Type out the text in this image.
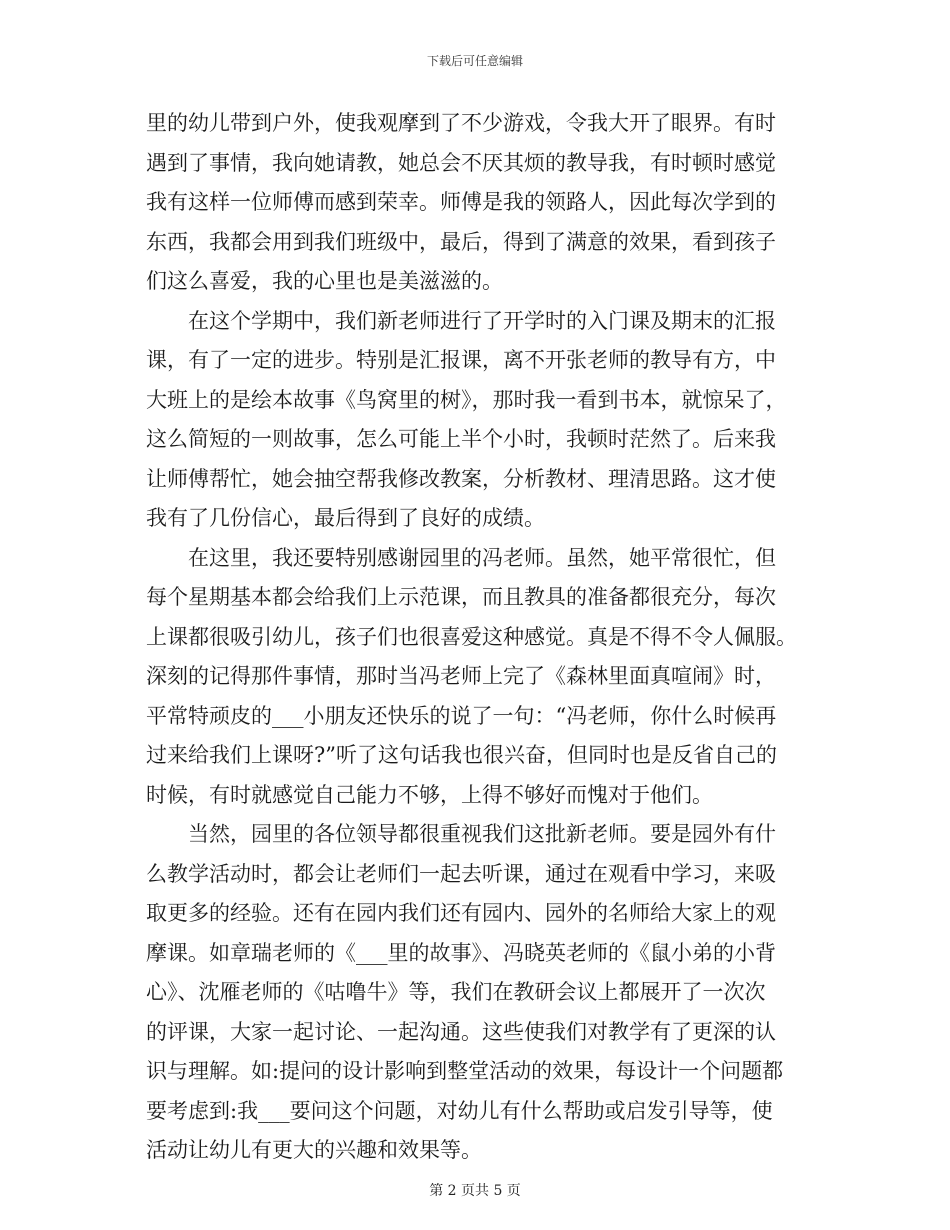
下载后可任意编辑
里的幼儿带到户外，使我观摩到了不少游戏，令我大开了眼界。有时
遇到了事情，我向她请教，她总会不厌其烦的教导我，有时顿时感觉
我有这样一位师傅而感到荣幸。师傅是我的领路人，因此每次学到的
东西，我都会用到我们班级中，最后，得到了满意的效果，看到孩子
们这么喜爱，我的心里也是美滋滋的。
在这个学期中，我们新老师进行了开学时的入门课及期末的汇报
课，有了一定的进步。特别是汇报课，离不开张老师的教导有方，中
大班上的是绘本故事《鸟窝里的树》，那时我一看到书本，就惊呆了，
这么简短的一则故事，怎么可能上半个小时，我顿时茫然了。后来我
让师傅帮忙，她会抽空帮我修改教案，分析教材、理清思路。这才使
我有了几份信心，最后得到了良好的成绩。
在这里，我还要特别感谢园里的冯老师。虽然，她平常很忙，但
每个星期基本都会给我们上示范课，而且教具的准备都很充分，每次
上课都很吸引幼儿，孩子们也很喜爱这种感觉。真是不得不令人佩服。
深刻的记得那件事情，那时当冯老师上完了《森林里面真喧闹》时，
平常特顽皮的___小朋友还快乐的说了一句：“冯老师，你什么时候再
过来给我们上课呀?”听了这句话我也很兴奋，但同时也是反省自己的
时候，有时就感觉自己能力不够，上得不够好而愧对于他们。
当然，园里的各位领导都很重视我们这批新老师。要是园外有什
么教学活动时，都会让老师们一起去听课，通过在观看中学习，来吸
取更多的经验。还有在园内我们还有园内、园外的名师给大家上的观
摩课。如章瑞老师的《___里的故事》、冯晓英老师的《鼠小弟的小背
心》、沈雁老师的《咕噜牛》等，我们在教研会议上都展开了一次次
的评课，大家一起讨论、一起沟通。这些使我们对教学有了更深的认
识与理解。如:提问的设计影响到整堂活动的效果，每设计一个问题都
要考虑到:我___要问这个问题，对幼儿有什么帮助或启发引导等，使
活动让幼儿有更大的兴趣和效果等。
第 2 页共 5 页
